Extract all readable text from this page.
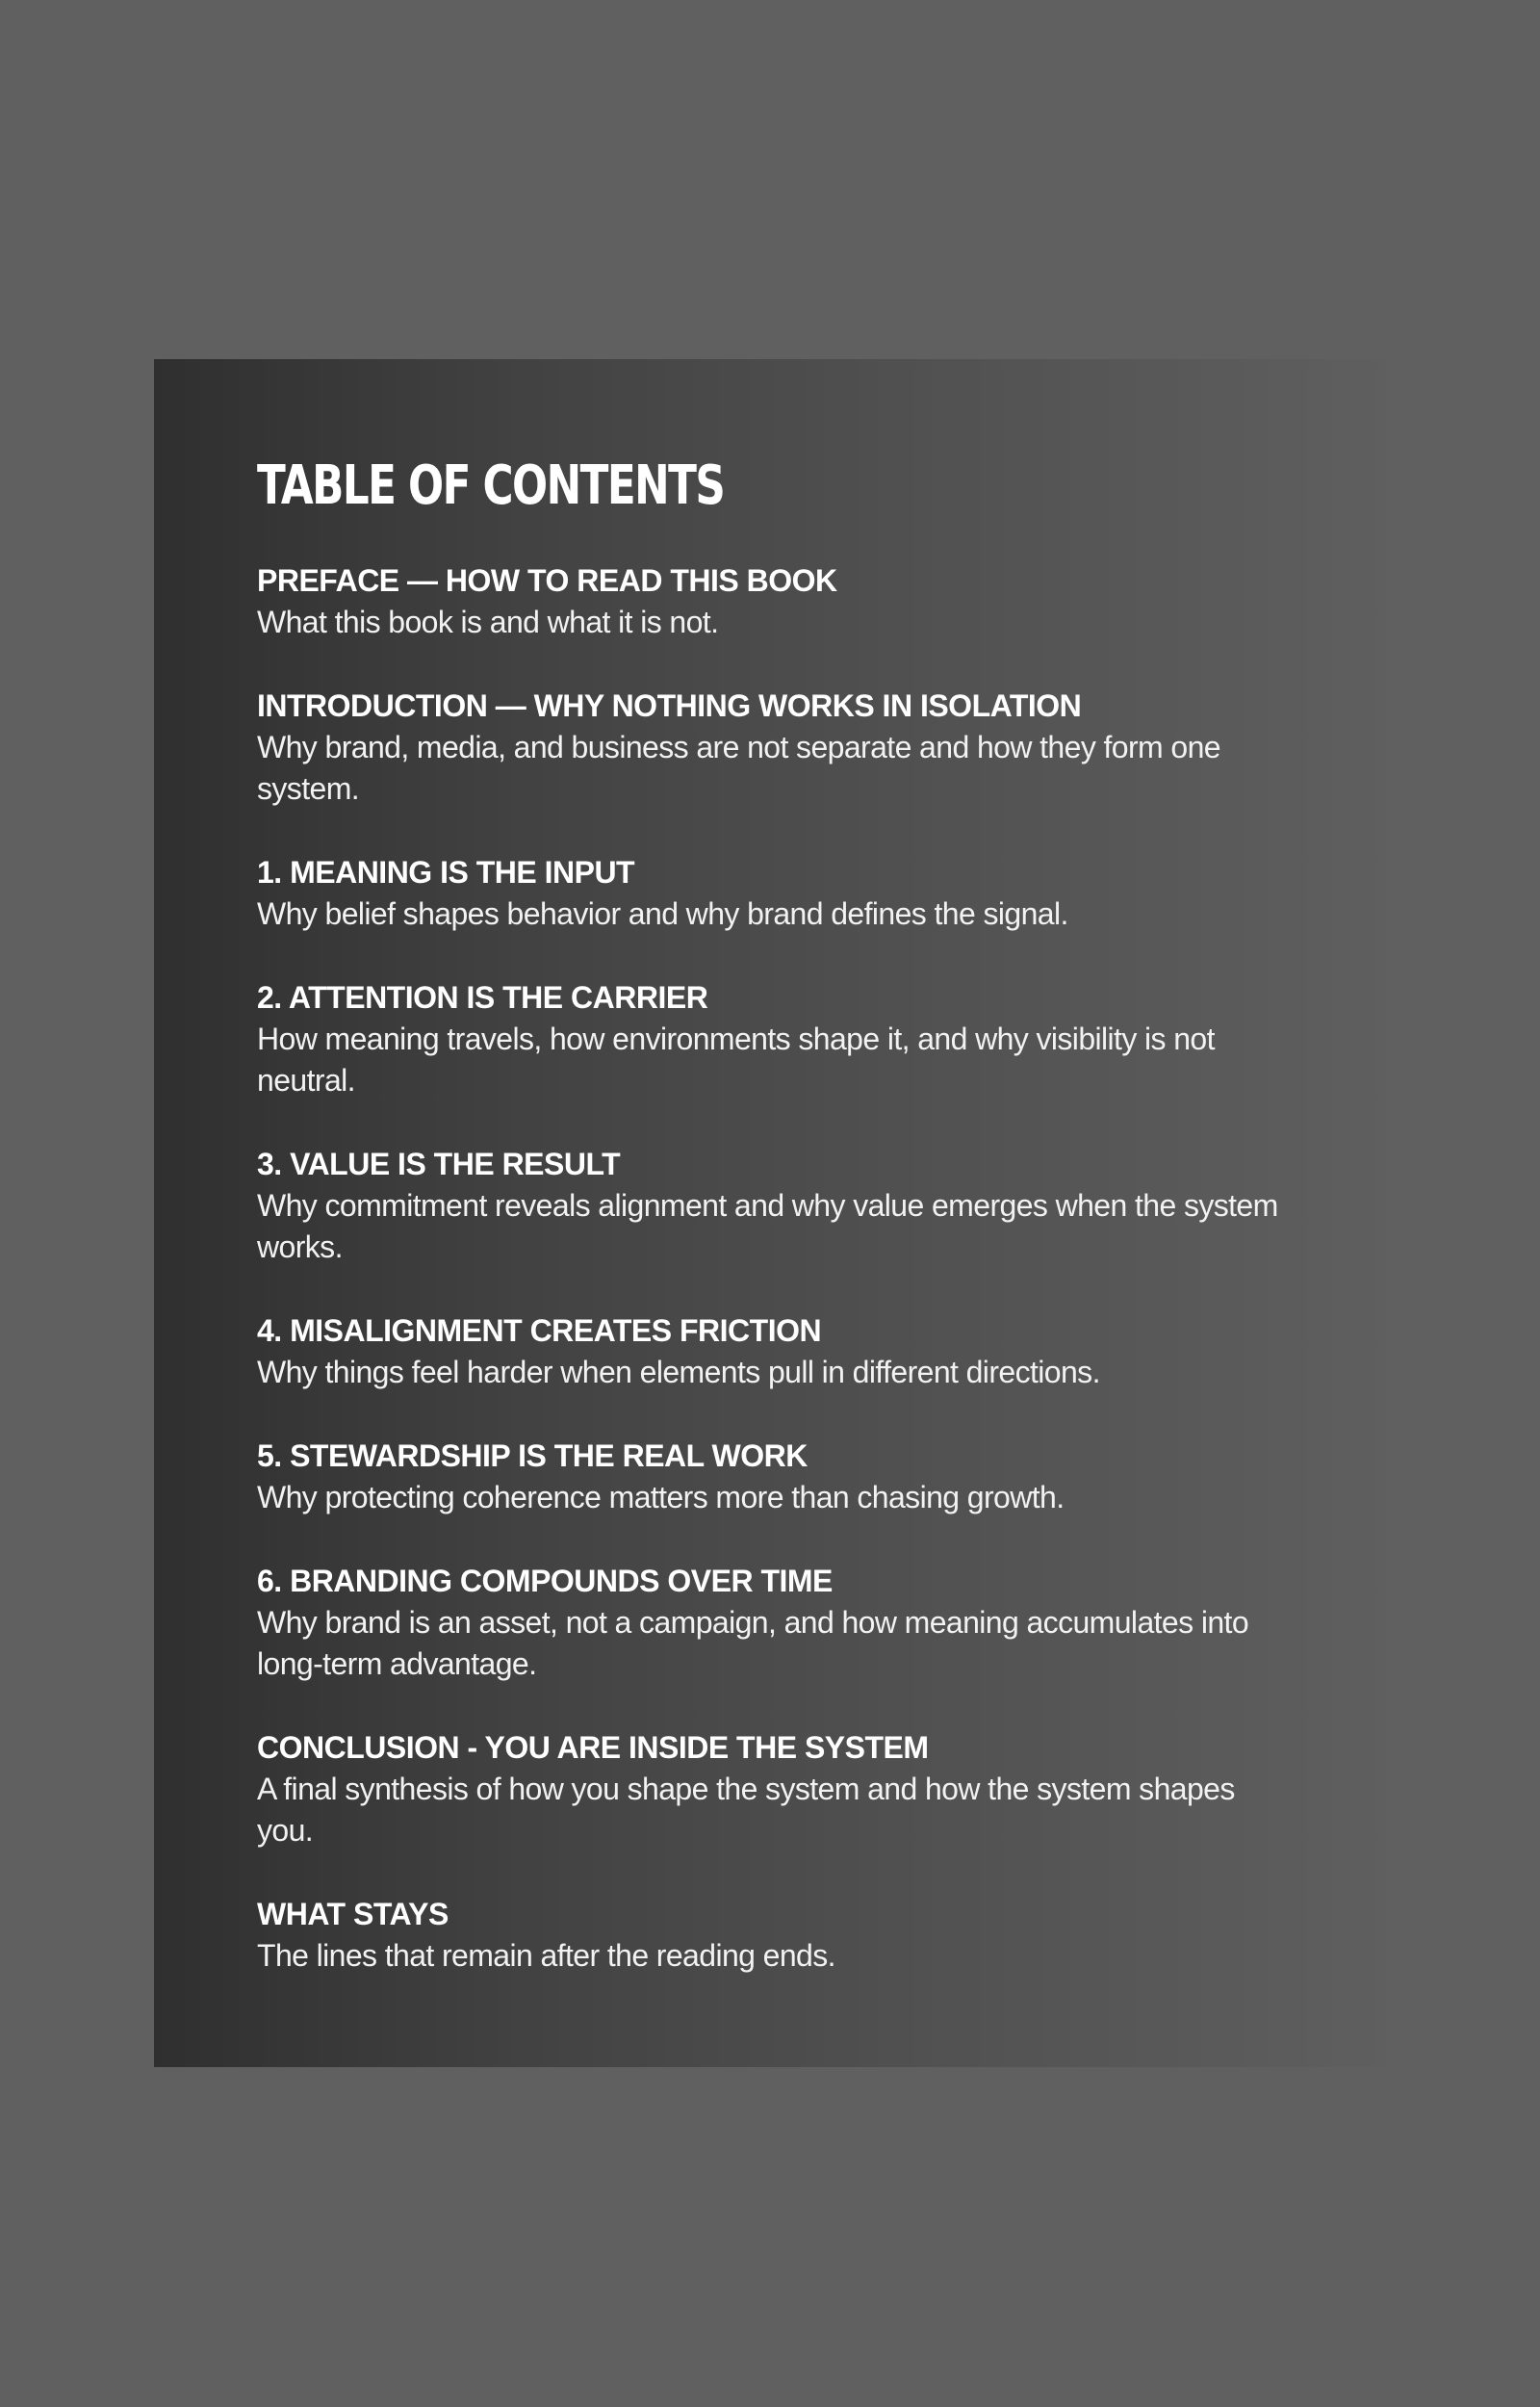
TABLE OF CONTENTS
PREFACE — HOW TO READ THIS BOOK
What this book is and what it is not.
INTRODUCTION — WHY NOTHING WORKS IN ISOLATION
Why brand, media, and business are not separate and how they form one system.
1. MEANING IS THE INPUT
Why belief shapes behavior and why brand defines the signal.
2. ATTENTION IS THE CARRIER
How meaning travels, how environments shape it, and why visibility is not neutral.
3. VALUE IS THE RESULT
Why commitment reveals alignment and why value emerges when the system works.
4. MISALIGNMENT CREATES FRICTION
Why things feel harder when elements pull in different directions.
5. STEWARDSHIP IS THE REAL WORK
Why protecting coherence matters more than chasing growth.
6. BRANDING COMPOUNDS OVER TIME
Why brand is an asset, not a campaign, and how meaning accumulates into long-term advantage.
CONCLUSION - YOU ARE INSIDE THE SYSTEM
A final synthesis of how you shape the system and how the system shapes you.
WHAT STAYS
The lines that remain after the reading ends.
